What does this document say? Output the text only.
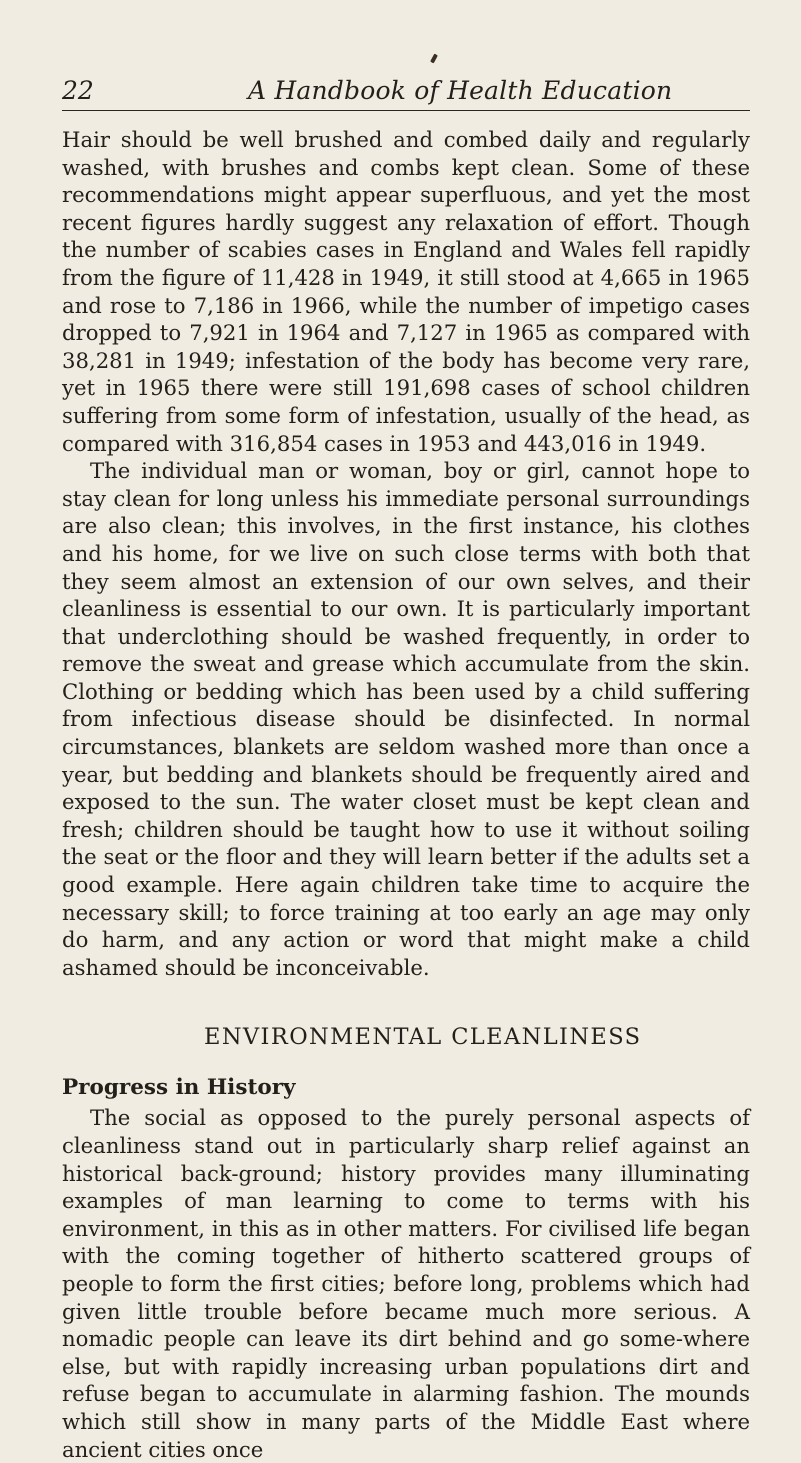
22	A Handbook of Health Education

Hair should be well brushed and combed daily and regularly washed, with brushes and combs kept clean. Some of these recommendations might appear superfluous, and yet the most recent figures hardly suggest any relaxation of effort. Though the number of scabies cases in England and Wales fell rapidly from the figure of 11,428 in 1949, it still stood at 4,665 in 1965 and rose to 7,186 in 1966, while the number of impetigo cases dropped to 7,921 in 1964 and 7,127 in 1965 as compared with 38,281 in 1949; infestation of the body has become very rare, yet in 1965 there were still 191,698 cases of school children suffering from some form of infestation, usually of the head, as compared with 316,854 cases in 1953 and 443,016 in 1949.

The individual man or woman, boy or girl, cannot hope to stay clean for long unless his immediate personal surroundings are also clean; this involves, in the first instance, his clothes and his home, for we live on such close terms with both that they seem almost an extension of our own selves, and their cleanliness is essential to our own. It is particularly important that underclothing should be washed frequently, in order to remove the sweat and grease which accumulate from the skin. Clothing or bedding which has been used by a child suffering from infectious disease should be disinfected. In normal circumstances, blankets are seldom washed more than once a year, but bedding and blankets should be frequently aired and exposed to the sun. The water closet must be kept clean and fresh; children should be taught how to use it without soiling the seat or the floor and they will learn better if the adults set a good example. Here again children take time to acquire the necessary skill; to force training at too early an age may only do harm, and any action or word that might make a child ashamed should be inconceivable.

ENVIRONMENTAL CLEANLINESS
Progress in History

The social as opposed to the purely personal aspects of cleanliness stand out in particularly sharp relief against an historical back-ground; history provides many illuminating examples of man learning to come to terms with his environment, in this as in other matters. For civilised life began with the coming together of hitherto scattered groups of people to form the first cities; before long, problems which had given little trouble before became much more serious. A nomadic people can leave its dirt behind and go some-where else, but with rapidly increasing urban populations dirt and refuse began to accumulate in alarming fashion. The mounds which still show in many parts of the Middle East where ancient cities once
